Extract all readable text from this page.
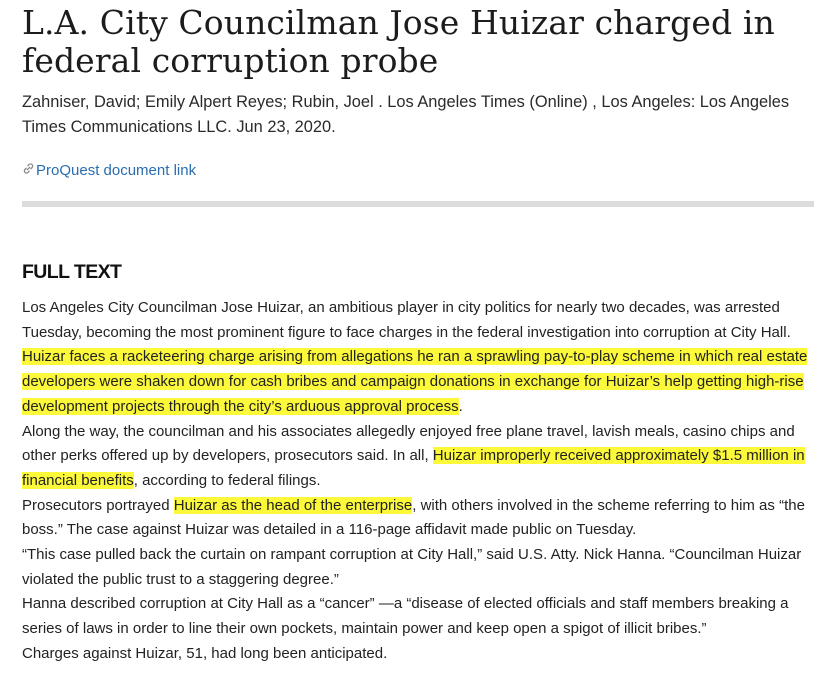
L.A. City Councilman Jose Huizar charged in federal corruption probe
Zahniser, David; Emily Alpert Reyes; Rubin, Joel . Los Angeles Times (Online) , Los Angeles: Los Angeles Times Communications LLC. Jun 23, 2020.
ProQuest document link
FULL TEXT

Los Angeles City Councilman Jose Huizar, an ambitious player in city politics for nearly two decades, was arrested Tuesday, becoming the most prominent figure to face charges in the federal investigation into corruption at City Hall.

Huizar faces a racketeering charge arising from allegations he ran a sprawling pay-to-play scheme in which real estate developers were shaken down for cash bribes and campaign donations in exchange for Huizar’s help getting high-rise development projects through the city’s arduous approval process.

Along the way, the councilman and his associates allegedly enjoyed free plane travel, lavish meals, casino chips and other perks offered up by developers, prosecutors said. In all, Huizar improperly received approximately $1.5 million in financial benefits, according to federal filings.

Prosecutors portrayed Huizar as the head of the enterprise, with others involved in the scheme referring to him as “the boss.” The case against Huizar was detailed in a 116-page affidavit made public on Tuesday.

“This case pulled back the curtain on rampant corruption at City Hall,” said U.S. Atty. Nick Hanna. “Councilman Huizar violated the public trust to a staggering degree.”

Hanna described corruption at City Hall as a “cancer” —a “disease of elected officials and staff members breaking a series of laws in order to line their own pockets, maintain power and keep open a spigot of illicit bribes.”

Charges against Huizar, 51, had long been anticipated.
